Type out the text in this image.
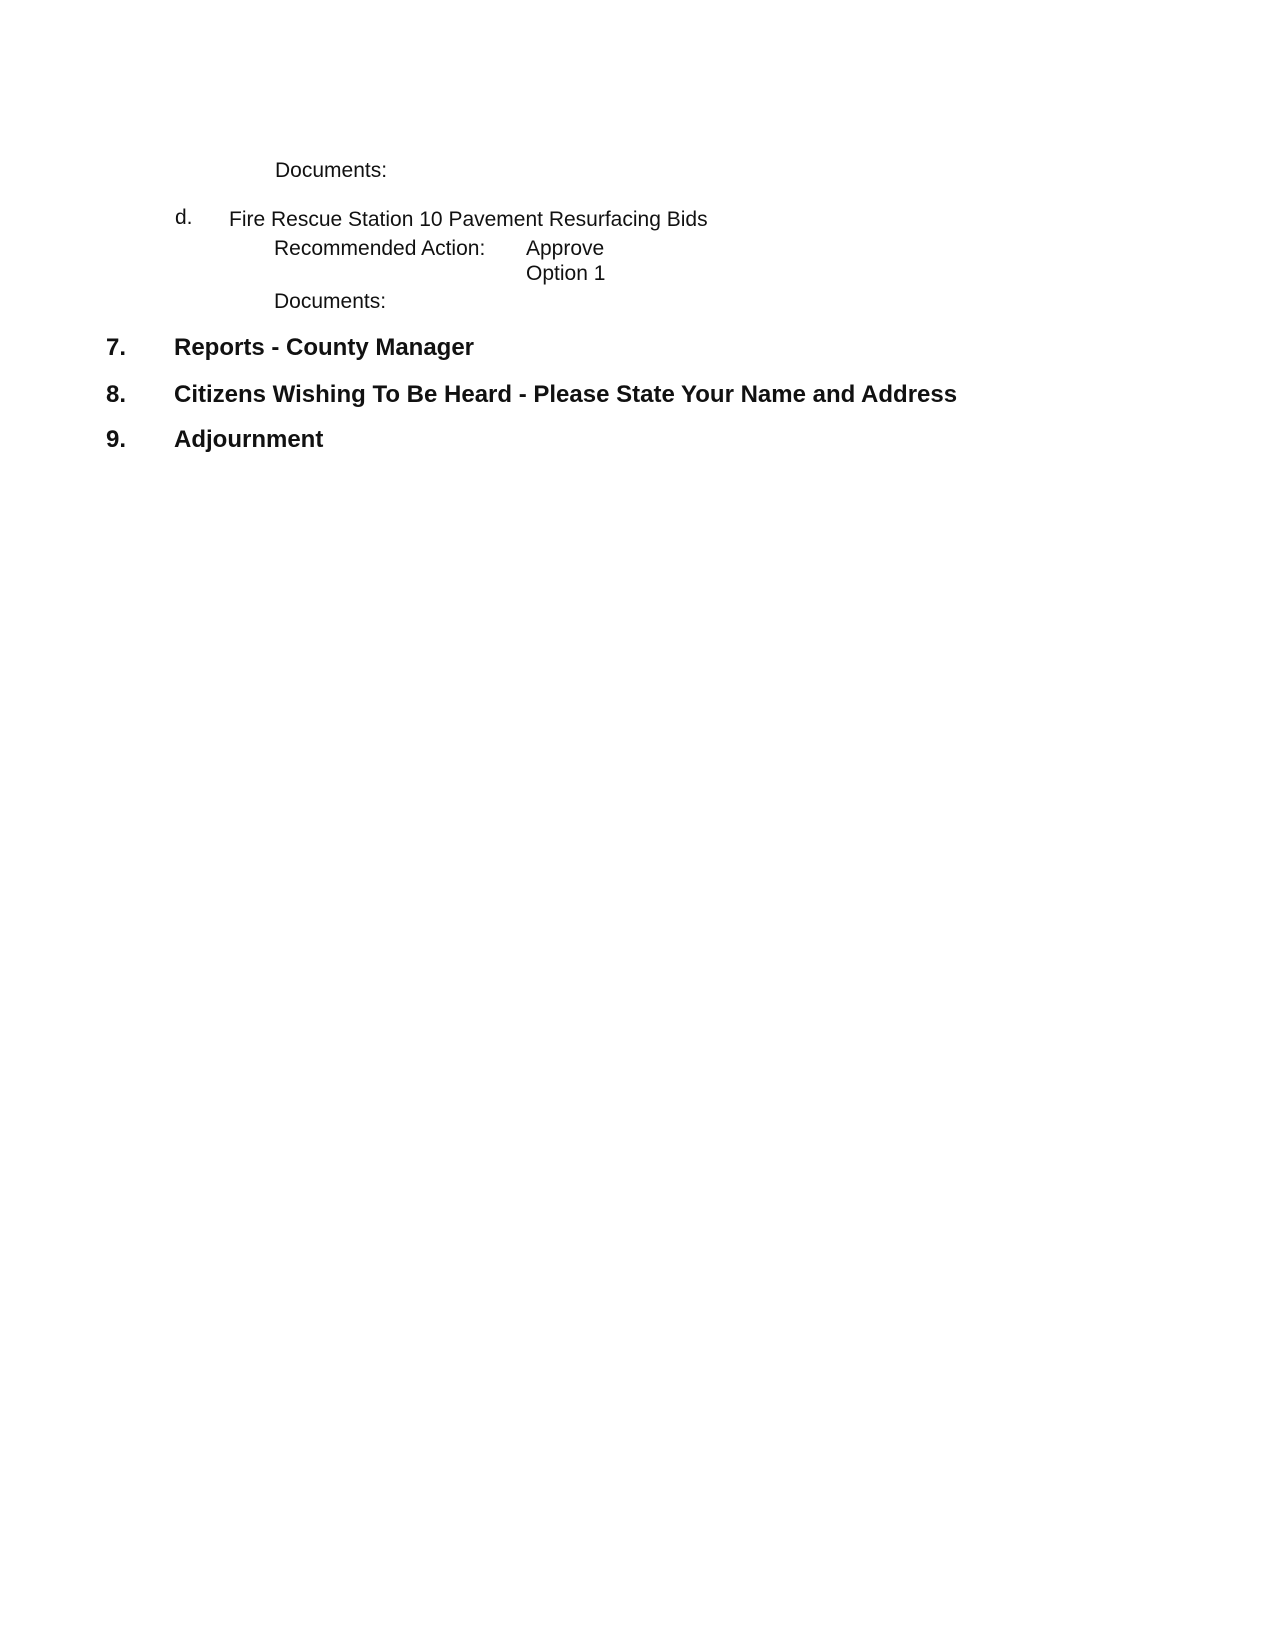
Documents:
d. Fire Rescue Station 10 Pavement Resurfacing Bids
Recommended Action: Approve
Option 1
Documents:
7. Reports - County Manager
8. Citizens Wishing To Be Heard - Please State Your Name and Address
9. Adjournment
